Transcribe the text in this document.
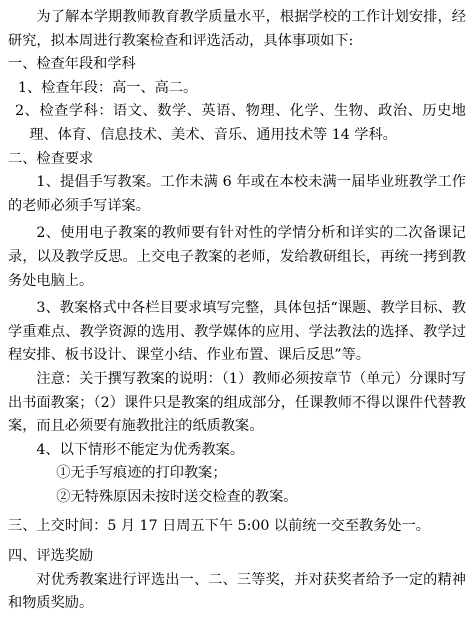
为了解本学期教师教育教学质量水平，根据学校的工作计划安排，经研究，拟本周进行教案检查和评选活动，具体事项如下:

一、检查年段和学科

1、检查年段：高一、高二。

2、检查学科：语文、数学、英语、物理、化学、生物、政治、历史地理、体育、信息技术、美术、音乐、通用技术等 14 学科。

二、检查要求

1、提倡手写教案。工作未满 6 年或在本校未满一届毕业班教学工作的老师必须手写详案。

2、使用电子教案的教师要有针对性的学情分析和详实的二次备课记录，以及教学反思。上交电子教案的老师，发给教研组长，再统一拷到教务处电脑上。

3、教案格式中各栏目要求填写完整，具体包括“课题、教学目标、教学重难点、教学资源的选用、教学媒体的应用、学法教法的选择、教学过程安排、板书设计、课堂小结、作业布置、课后反思”等。

注意：关于撰写教案的说明：（1）教师必须按章节（单元）分课时写出书面教案；（2）课件只是教案的组成部分，任课教师不得以课件代替教案，而且必须要有施教批注的纸质教案。

4、以下情形不能定为优秀教案。

①无手写痕迹的打印教案；

②无特殊原因未按时送交检查的教案。

三、上交时间：5 月 17 日周五下午 5:00 以前统一交至教务处一。

四、评选奖励

对优秀教案进行评选出一、二、三等奖，并对获奖者给予一定的精神和物质奖励。
